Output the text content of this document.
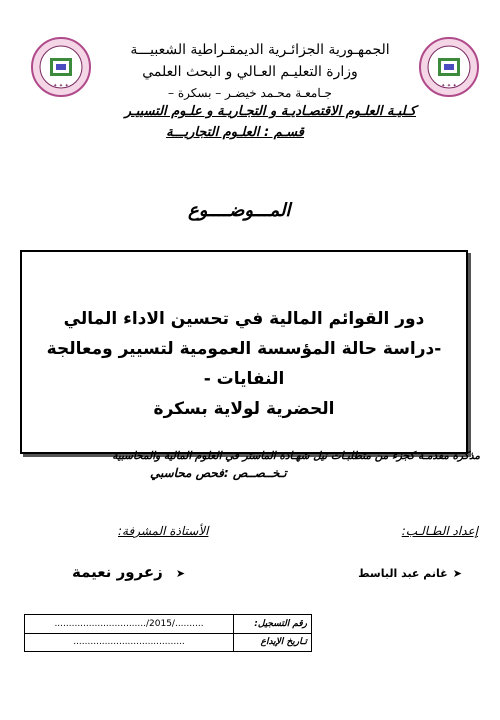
✦ ✦ ✦	✦ ✦ ✦
الجمهـورية الجزائـرية الديمقـراطية الشعبيـــة
وزارة التعليـم العـالي و البحث العلمي
جـامعـة محـمد خيضـر – بسكرة –
كـليـة العلـوم الاقتصـاديـة و التجـاريـة و علـوم التسييـر
قسـم : العلـوم التجاريـــة
المـــوضــــوع
دور القوائم المالية في تحسين الاداء المالي
-دراسة حالة المؤسسة العمومية لتسيير ومعالجة النفايات -
الحضرية لولاية بسكرة
مذكرة مقدمـة كجزء من متطلبـات نيل شهـادة الماستر في العلوم المالية والمحاسبية
تـخــصــص :فحص محاسبي
إعداد الطـالـب:
الأستاذة المشرفة:
➤ غانم عبد الباسط
➤ زعرور نعيمة
................................/2015/..........	رقم التسجيل:
.......................................	تـاريخ الإيداع
